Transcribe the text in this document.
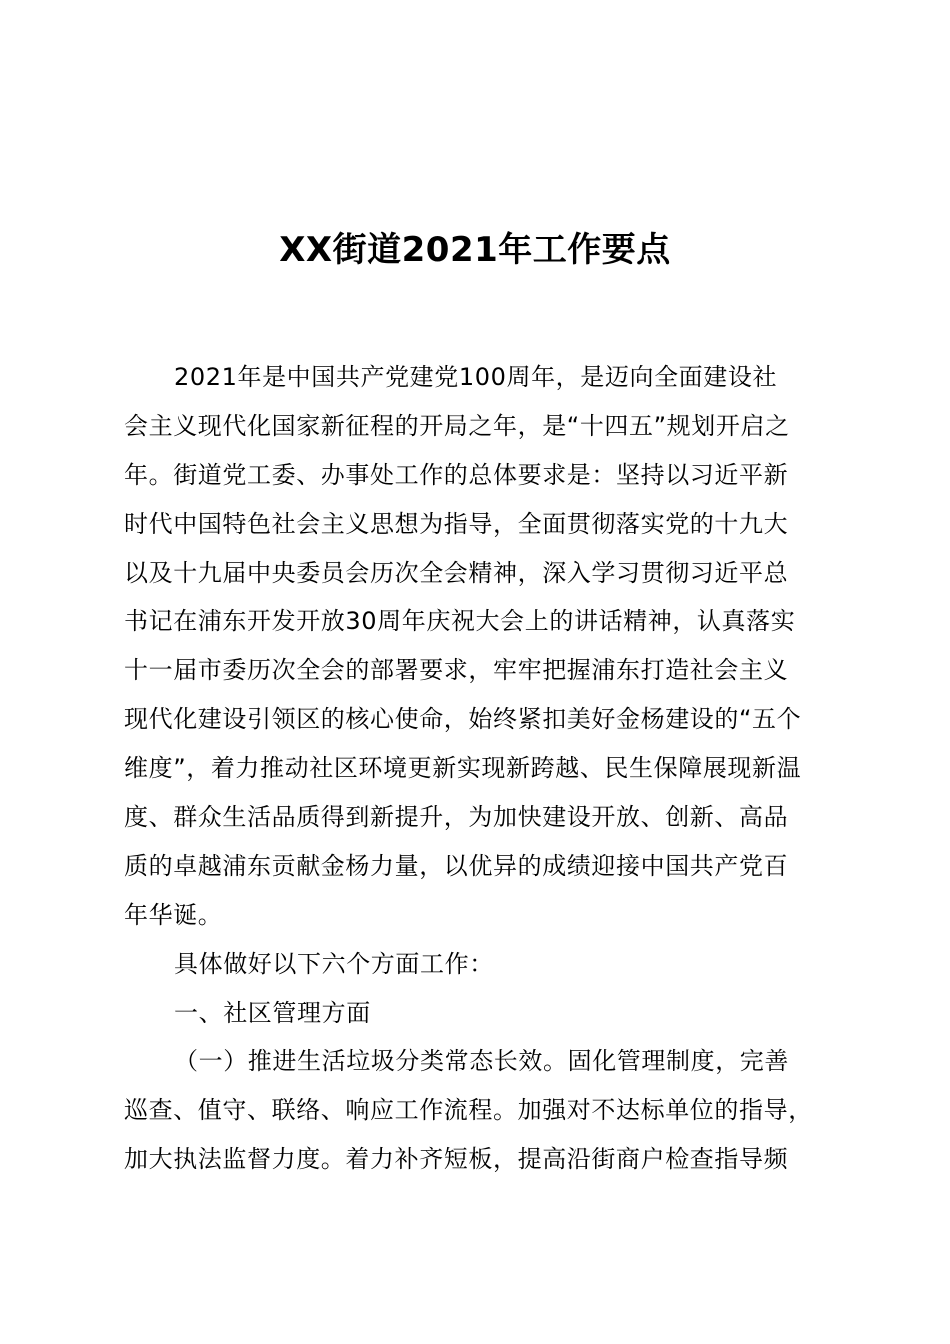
XX街道2021年工作要点
2021年是中国共产党建党100周年，是迈向全面建设社
会主义现代化国家新征程的开局之年，是“十四五”规划开启之
年。街道党工委、办事处工作的总体要求是：坚持以习近平新
时代中国特色社会主义思想为指导，全面贯彻落实党的十九大
以及十九届中央委员会历次全会精神，深入学习贯彻习近平总
书记在浦东开发开放30周年庆祝大会上的讲话精神，认真落实
十一届市委历次全会的部署要求，牢牢把握浦东打造社会主义
现代化建设引领区的核心使命，始终紧扣美好金杨建设的“五个
维度”，着力推动社区环境更新实现新跨越、民生保障展现新温
度、群众生活品质得到新提升，为加快建设开放、创新、高品
质的卓越浦东贡献金杨力量，以优异的成绩迎接中国共产党百
年华诞。
具体做好以下六个方面工作：
一、社区管理方面
（一）推进生活垃圾分类常态长效。固化管理制度，完善
巡查、值守、联络、响应工作流程。加强对不达标单位的指导，
加大执法监督力度。着力补齐短板，提高沿街商户检查指导频
